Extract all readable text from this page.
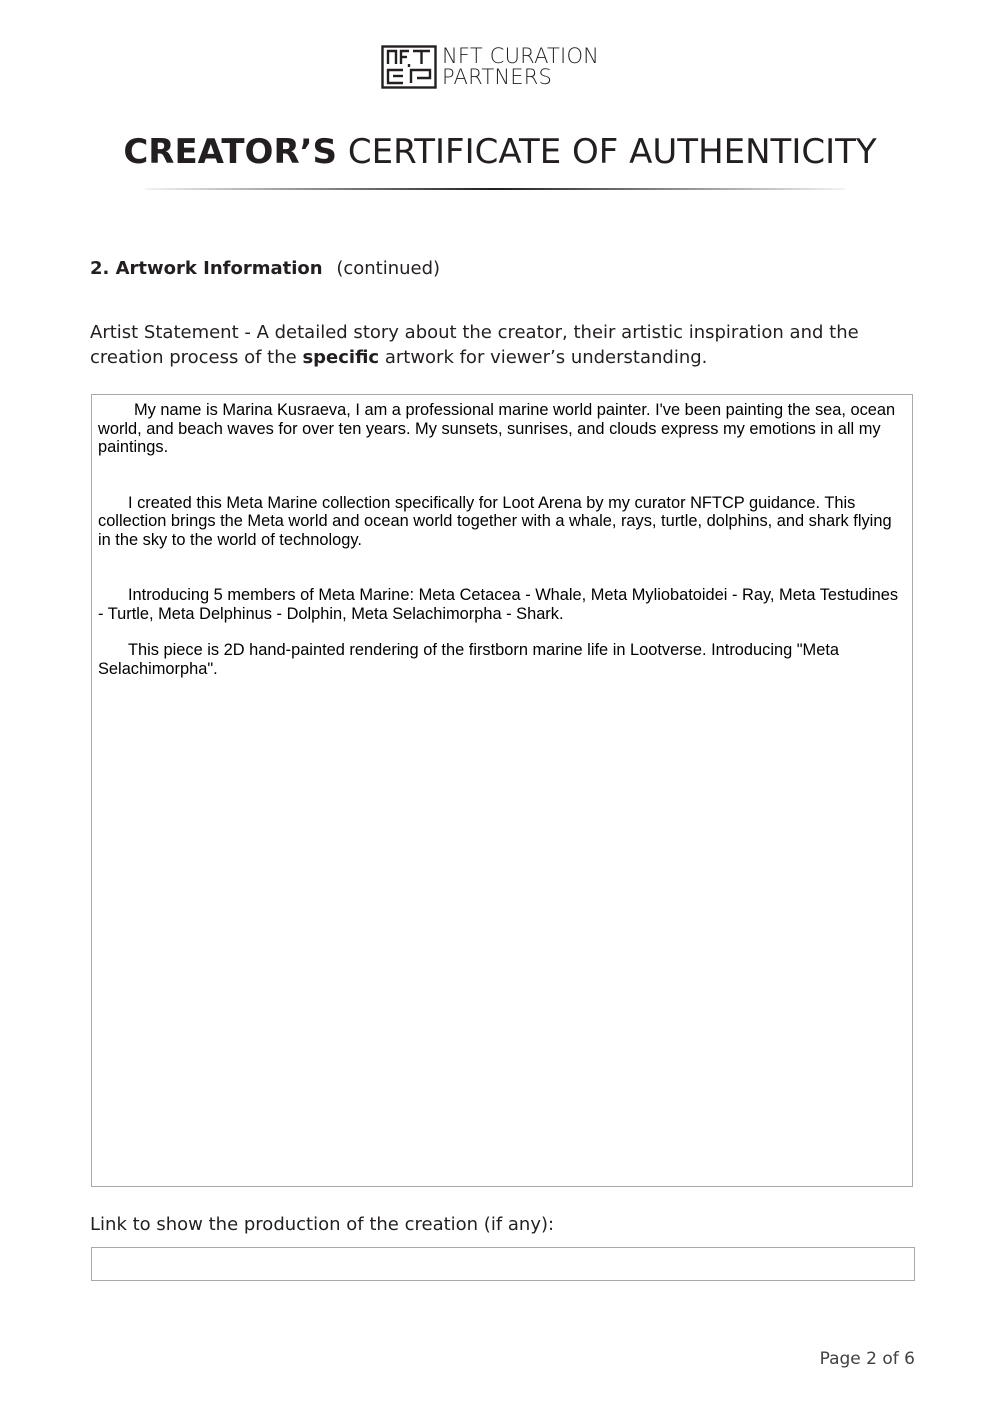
NFT CURATION
PARTNERS
CREATOR’S CERTIFICATE OF AUTHENTICITY
2. Artwork Information (continued)
Artist Statement - A detailed story about the creator, their artistic inspiration and the creation process of the specific artwork for viewer’s understanding.

My name is Marina Kusraeva, I am a professional marine world painter. I've been painting the sea, ocean world, and beach waves for over ten years. My sunsets, sunrises, and clouds express my emotions in all my paintings.

I created this Meta Marine collection specifically for Loot Arena by my curator NFTCP guidance. This collection brings the Meta world and ocean world together with a whale, rays, turtle, dolphins, and shark flying in the sky to the world of technology.

Introducing 5 members of Meta Marine: Meta Cetacea - Whale, Meta Myliobatoidei - Ray, Meta Testudines - Turtle, Meta Delphinus - Dolphin, Meta Selachimorpha - Shark.

This piece is 2D hand-painted rendering of the firstborn marine life in Lootverse. Introducing "Meta Selachimorpha".

Link to show the production of the creation (if any):
Page 2 of 6
